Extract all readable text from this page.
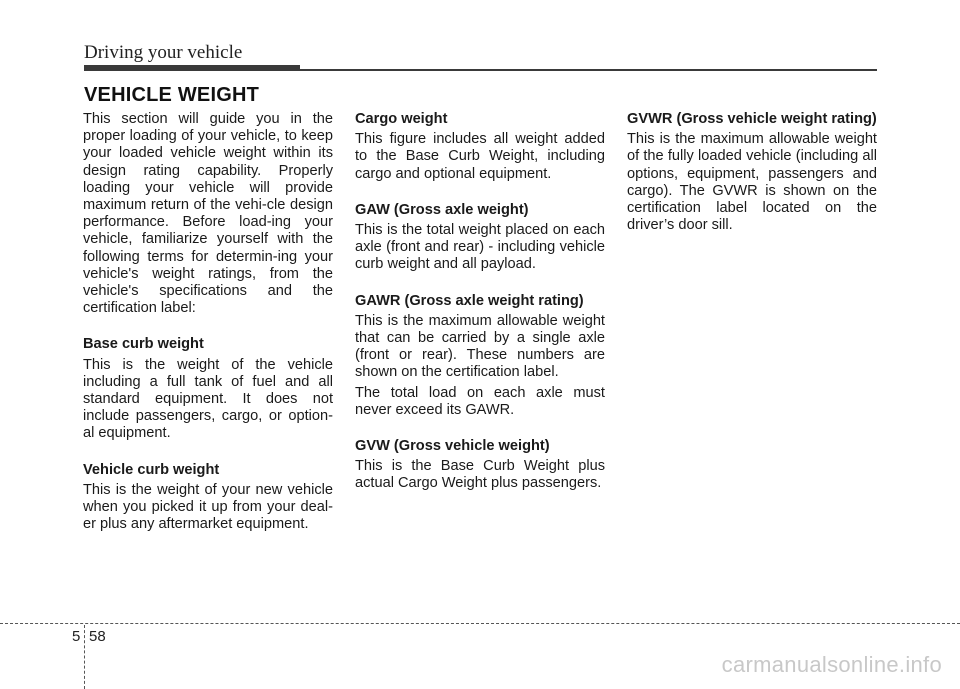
Driving your vehicle
VEHICLE WEIGHT

This section will guide you in the proper loading of your vehicle, to keep your loaded vehicle weight within its design rating capability. Properly loading your vehicle will provide maximum return of the vehi-cle design performance. Before load-ing your vehicle, familiarize yourself with the following terms for determin-ing your vehicle's weight ratings, from the vehicle's specifications and the certification label:

Base curb weight

This is the weight of the vehicle including a full tank of fuel and all standard equipment. It does not include passengers, cargo, or option-al equipment.

Vehicle curb weight

This is the weight of your new vehicle when you picked it up from your deal-er plus any aftermarket equipment.

Cargo weight

This figure includes all weight added to the Base Curb Weight, including cargo and optional equipment.

GAW (Gross axle weight)

This is the total weight placed on each axle (front and rear) - including vehicle curb weight and all payload.

GAWR (Gross axle weight rating)

This is the maximum allowable weight that can be carried by a single axle (front or rear). These numbers are shown on the certification label.

The total load on each axle must never exceed its GAWR.

GVW (Gross vehicle weight)

This is the Base Curb Weight plus actual Cargo Weight plus passengers.

GVWR (Gross vehicle weight rating)

This is the maximum allowable weight of the fully loaded vehicle (including all options, equipment, passengers and cargo). The GVWR is shown on the certification label located on the driver’s door sill.

5 58
carmanualsonline.info
